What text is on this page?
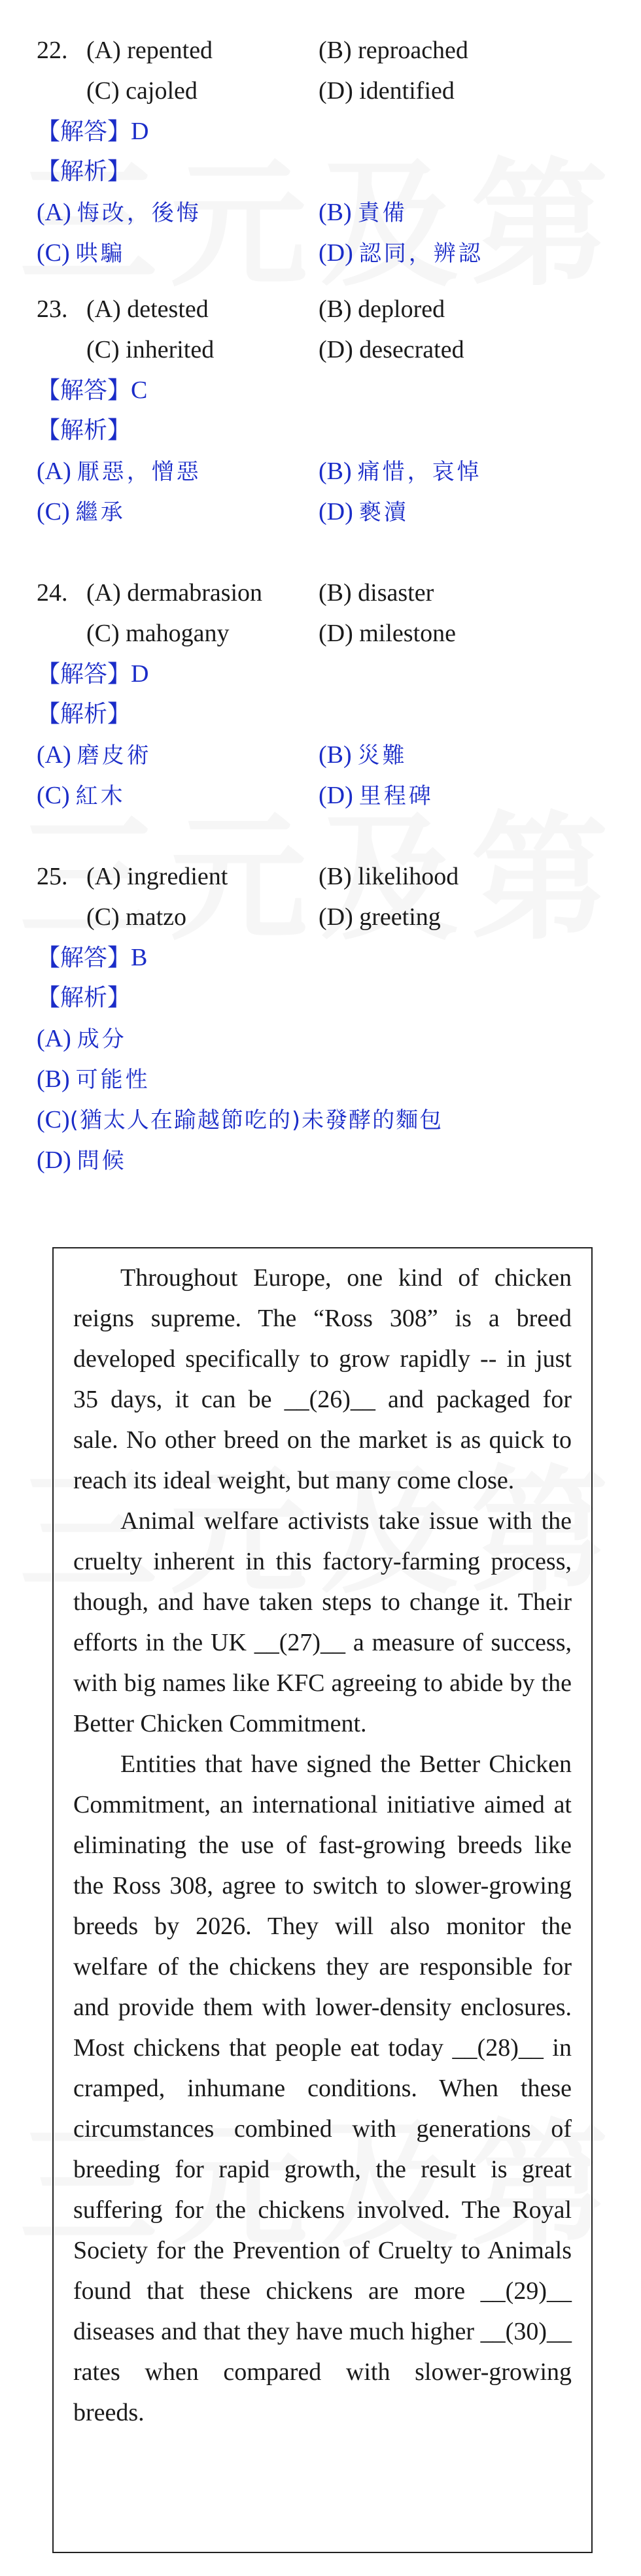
22. (A) repented	(B) reproached
(C) cajoled	(D) identified
【解答】D
【解析】
(A) 悔改，後悔	(B) 責備
(C) 哄騙	(D) 認同，辨認
23. (A) detested	(B) deplored
(C) inherited	(D) desecrated
【解答】C
【解析】
(A) 厭惡，憎惡	(B) 痛惜，哀悼
(C) 繼承	(D) 褻瀆
24. (A) dermabrasion	(B) disaster
(C) mahogany	(D) milestone
【解答】D
【解析】
(A) 磨皮術	(B) 災難
(C) 紅木	(D) 里程碑
25. (A) ingredient	(B) likelihood
(C) matzo	(D) greeting
【解答】B
【解析】
(A) 成分
(B) 可能性
(C)(猶太人在踰越節吃的)未發酵的麵包
(D) 問候

Throughout Europe, one kind of chicken reigns supreme. The “Ross 308” is a breed developed specifically to grow rapidly -- in just 35 days, it can be __(26)__ and packaged for sale. No other breed on the market is as quick to reach its ideal weight, but many come close.

Animal welfare activists take issue with the cruelty inherent in this factory-farming process, though, and have taken steps to change it. Their efforts in the UK __(27)__ a measure of success, with big names like KFC agreeing to abide by the Better Chicken Commitment.

Entities that have signed the Better Chicken Commitment, an international initiative aimed at eliminating the use of fast-growing breeds like the Ross 308, agree to switch to slower-growing breeds by 2026. They will also monitor the welfare of the chickens they are responsible for and provide them with lower-density enclosures. Most chickens that people eat today __(28)__ in cramped, inhumane conditions. When these circumstances combined with generations of breeding for rapid growth, the result is great suffering for the chickens involved. The Royal Society for the Prevention of Cruelty to Animals found that these chickens are more __(29)__ diseases and that they have much higher __(30)__ rates when compared with slower-growing breeds.
